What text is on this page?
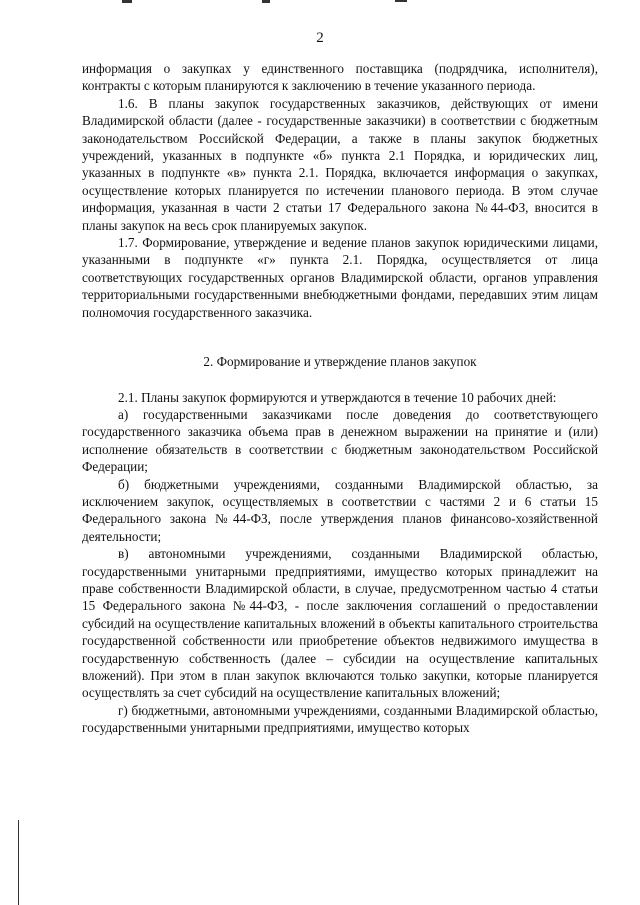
2

информация о закупках у единственного поставщика (подрядчика, исполнителя), контракты с которым планируются к заключению в течение указанного периода.

1.6. В планы закупок государственных заказчиков, действующих от имени Владимирской области (далее - государственные заказчики) в соответствии с бюджетным законодательством Российской Федерации, а также в планы закупок бюджетных учреждений, указанных в подпункте «б» пункта 2.1 Порядка, и юридических лиц, указанных в подпункте «в» пункта 2.1. Порядка, включается информация о закупках, осуществление которых планируется по истечении планового периода. В этом случае информация, указанная в части 2 статьи 17 Федерального закона №44-ФЗ, вносится в планы закупок на весь срок планируемых закупок.

1.7. Формирование, утверждение и ведение планов закупок юридическими лицами, указанными в подпункте «г» пункта 2.1. Порядка, осуществляется от лица соответствующих государственных органов Владимирской области, органов управления территориальными государственными внебюджетными фондами, передавших этим лицам полномочия государственного заказчика.

2. Формирование и утверждение планов закупок

2.1. Планы закупок формируются и утверждаются в течение 10 рабочих дней:

а) государственными заказчиками после доведения до соответствующего государственного заказчика объема прав в денежном выражении на принятие и (или) исполнение обязательств в соответствии с бюджетным законодательством Российской Федерации;

б) бюджетными учреждениями, созданными Владимирской областью, за исключением закупок, осуществляемых в соответствии с частями 2 и 6 статьи 15 Федерального закона №44-ФЗ, после утверждения планов финансово-хозяйственной деятельности;

в) автономными учреждениями, созданными Владимирской областью, государственными унитарными предприятиями, имущество которых принадлежит на праве собственности Владимирской области, в случае, предусмотренном частью 4 статьи 15 Федерального закона №44-ФЗ, - после заключения соглашений о предоставлении субсидий на осуществление капитальных вложений в объекты капитального строительства государственной собственности или приобретение объектов недвижимого имущества в государственную собственность (далее – субсидии на осуществление капитальных вложений). При этом в план закупок включаются только закупки, которые планируется осуществлять за счет субсидий на осуществление капитальных вложений;

г) бюджетными, автономными учреждениями, созданными Владимирской областью, государственными унитарными предприятиями, имущество которых
